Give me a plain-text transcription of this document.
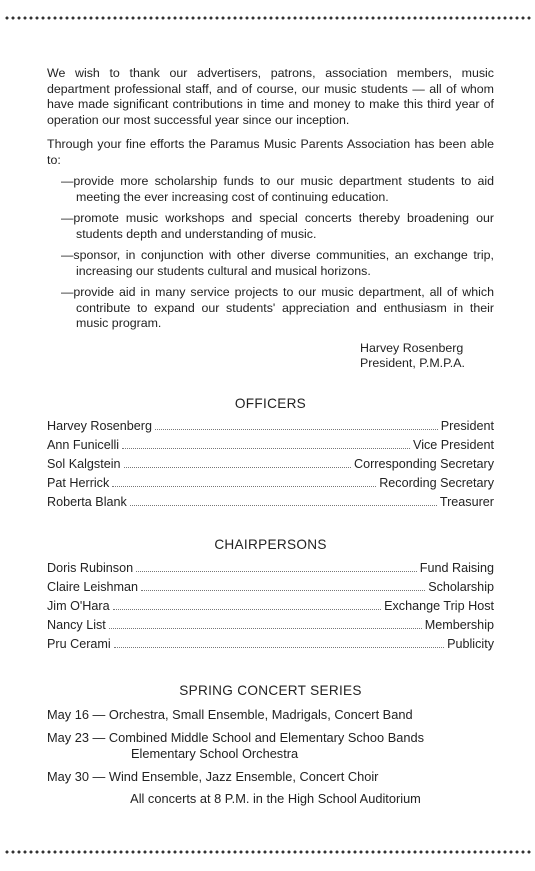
We wish to thank our advertisers, patrons, association members, music department professional staff, and of course, our music students — all of whom have made significant contributions in time and money to make this third year of operation our most successful year since our inception.

Through your fine efforts the Paramus Music Parents Association has been able to:

—provide more scholarship funds to our music department students to aid meeting the ever increasing cost of continuing education.

—promote music workshops and special concerts thereby broadening our students depth and understanding of music.

—sponsor, in conjunction with other diverse communities, an exchange trip, increasing our students cultural and musical horizons.

—provide aid in many service projects to our music department, all of which contribute to expand our students' appreciation and enthusiasm in their music program.

Harvey Rosenberg
President, P.M.P.A.
OFFICERS
Harvey Rosenberg	President
Ann Funicelli	Vice President
Sol Kalgstein	Corresponding Secretary
Pat Herrick	Recording Secretary
Roberta Blank	Treasurer
CHAIRPERSONS
Doris Rubinson	Fund Raising
Claire Leishman	Scholarship
Jim O'Hara	Exchange Trip Host
Nancy List	Membership
Pru Cerami	Publicity
SPRING CONCERT SERIES
May 16 — Orchestra, Small Ensemble, Madrigals, Concert Band
May 23 — Combined Middle School and Elementary Schoo Bands
Elementary School Orchestra
May 30 — Wind Ensemble, Jazz Ensemble, Concert Choir
All concerts at 8 P.M. in the High School Auditorium
